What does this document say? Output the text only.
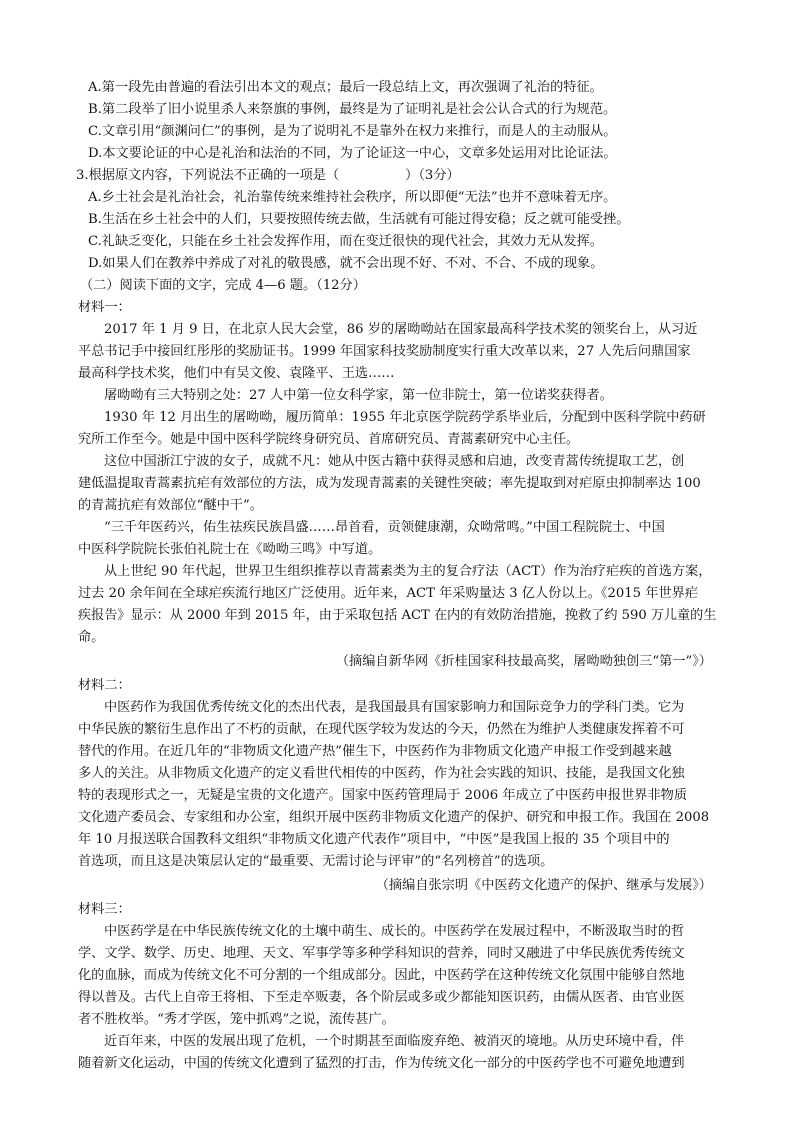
A.第一段先由普遍的看法引出本文的观点；最后一段总结上文，再次强调了礼治的特征。
B.第二段举了旧小说里杀人来祭旗的事例，最终是为了证明礼是社会公认合式的行为规范。
C.文章引用“颜渊问仁”的事例，是为了说明礼不是靠外在权力来推行，而是人的主动服从。
D.本文要论证的中心是礼治和法治的不同，为了论证这一中心，文章多处运用对比论证法。
3.根据原文内容，下列说法不正确的一项是（	）（3分）
A.乡土社会是礼治社会，礼治靠传统来维持社会秩序，所以即便“无法”也并不意味着无序。
B.生活在乡土社会中的人们，只要按照传统去做，生活就有可能过得安稳；反之就可能受挫。
C.礼缺乏变化，只能在乡土社会发挥作用，而在变迁很快的现代社会，其效力无从发挥。
D.如果人们在教养中养成了对礼的敬畏感，就不会出现不好、不对、不合、不成的现象。
（二）阅读下面的文字，完成 4—6 题。（12分）
材料一：
2017 年 1 月 9 日，在北京人民大会堂，86 岁的屠呦呦站在国家最高科学技术奖的领奖台上，从习近
平总书记手中接回红彤彤的奖励证书。1999 年国家科技奖励制度实行重大改革以来，27 人先后问鼎国家
最高科学技术奖，他们中有吴文俊、袁隆平、王选……
屠呦呦有三大特别之处：27 人中第一位女科学家，第一位非院士，第一位诺奖获得者。
1930 年 12 月出生的屠呦呦，履历简单：1955 年北京医学院药学系毕业后，分配到中医科学院中药研
究所工作至今。她是中国中医科学院终身研究员、首席研究员、青蒿素研究中心主任。
这位中国浙江宁波的女子，成就不凡：她从中医古籍中获得灵感和启迪，改变青蒿传统提取工艺，创
建低温提取青蒿素抗疟有效部位的方法，成为发现青蒿素的关键性突破；率先提取到对疟原虫抑制率达 100
的青蒿抗疟有效部位“醚中干”。
“三千年医药兴，佑生祛疾民族昌盛……昂首看，贡领健康潮，众呦常鸣。”中国工程院院士、中国
中医科学院院长张伯礼院士在《呦呦三鸣》中写道。
从上世纪 90 年代起，世界卫生组织推荐以青蒿素类为主的复合疗法（ACT）作为治疗疟疾的首选方案，
过去 20 余年间在全球疟疾流行地区广泛使用。近年来，ACT 年采购量达 3 亿人份以上。《2015 年世界疟
疾报告》显示：从 2000 年到 2015 年，由于采取包括 ACT 在内的有效防治措施，挽救了约 590 万儿童的生
命。
（摘编自新华网《折桂国家科技最高奖，屠呦呦独创三“第一”》）
材料二：
中医药作为我国优秀传统文化的杰出代表，是我国最具有国家影响力和国际竞争力的学科门类。它为
中华民族的繁衍生息作出了不朽的贡献，在现代医学较为发达的今天，仍然在为维护人类健康发挥着不可
替代的作用。在近几年的“非物质文化遗产热”催生下，中医药作为非物质文化遗产申报工作受到越来越
多人的关注。从非物质文化遗产的定义看世代相传的中医药，作为社会实践的知识、技能，是我国文化独
特的表现形式之一，无疑是宝贵的文化遗产。国家中医药管理局于 2006 年成立了中医药申报世界非物质
文化遗产委员会、专家组和办公室，组织开展中医药非物质文化遗产的保护、研究和申报工作。我国在 2008
年 10 月报送联合国教科文组织“非物质文化遗产代表作”项目中，“中医”是我国上报的 35 个项目中的
首选项，而且这是决策层认定的“最重要、无需讨论与评审”的“名列榜首”的选项。
（摘编自张宗明《中医药文化遗产的保护、继承与发展》）
材料三：
中医药学是在中华民族传统文化的土壤中萌生、成长的。中医药学在发展过程中，不断汲取当时的哲
学、文学、数学、历史、地理、天文、军事学等多种学科知识的营养，同时又融进了中华民族优秀传统文
化的血脉，而成为传统文化不可分割的一个组成部分。因此，中医药学在这种传统文化氛围中能够自然地
得以普及。古代上自帝王将相、下至走卒贩妻，各个阶层或多或少都能知医识药，由儒从医者、由官业医
者不胜枚举。“秀才学医，笼中抓鸡”之说，流传甚广。
近百年来，中医的发展出现了危机，一个时期甚至面临废弃绝、被消灭的境地。从历史环境中看，伴
随着新文化运动，中国的传统文化遭到了猛烈的打击，作为传统文化一部分的中医药学也不可避免地遭到
